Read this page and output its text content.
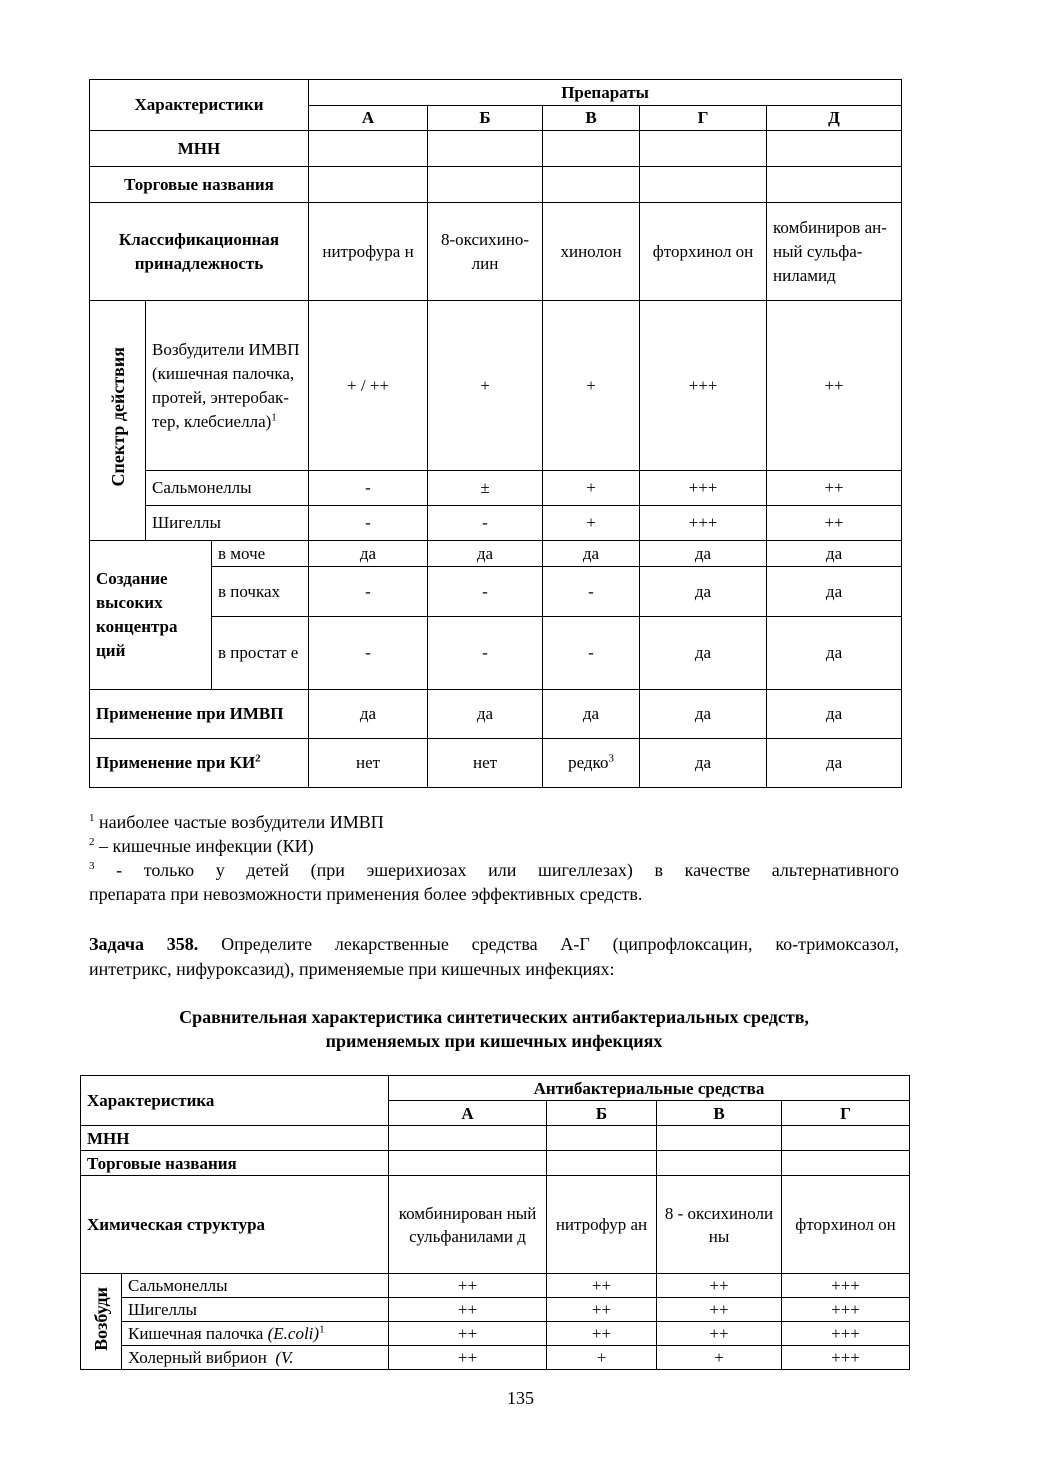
Характеристики			Препараты				
			А	Б	В	Г	Д
МНН							
Торговые названия							
Классификационная принадлежность			нитрофура н	8-оксихино-лин	хинолон	фторхинол он	комбиниров ан-ный сульфа-ниламид
Спектр действия	Возбудители ИМВП (кишечная палочка, протей, энтеробак-тер, клебсиелла)$^1$		+ / ++	+	+	+++	++
	Сальмонеллы		-	±	+	+++	++
	Шигеллы		-	-	+	+++	++
Создание высоких концентра ций		в моче	да	да	да	да	да
		в почках	-	-	-	да	да
		в простат е	-	-	-	да	да
Применение при ИМВП			да	да	да	да	да
Применение при $КИ^2$			нет	нет	редко$^3$	да	да

$^1$ наиболее частые возбудители ИМВП

$^2$ – кишечные инфекции (КИ)

$^3$ - только у детей (при эшерихиозах или шигеллезах) в качестве альтернативного

препарата при невозможности применения более эффективных средств.

Задача 358. Определите лекарственные средства А-Г (ципрофлоксацин, ко-тримоксазол,

интетрикс, нифуроксазид), применяемые при кишечных инфекциях:

Сравнительная характеристика синтетических антибактериальных средств,
применяемых при кишечных инфекциях
Характеристика		Антибактериальные средства			
		А	Б	В	Г
МНН					
Торговые названия					
Химическая структура		комбинирован ный сульфанилами д	нитрофур ан	8 - оксихиноли ны	фторхинол он
Возбуди	Сальмонеллы	++	++	++	+++
	Шигеллы	++	++	++	+++
	Кишечная палочка (E.coli)$^1$	++	++	++	+++
	Холерный вибрион (V.	++	+	+	+++
135
